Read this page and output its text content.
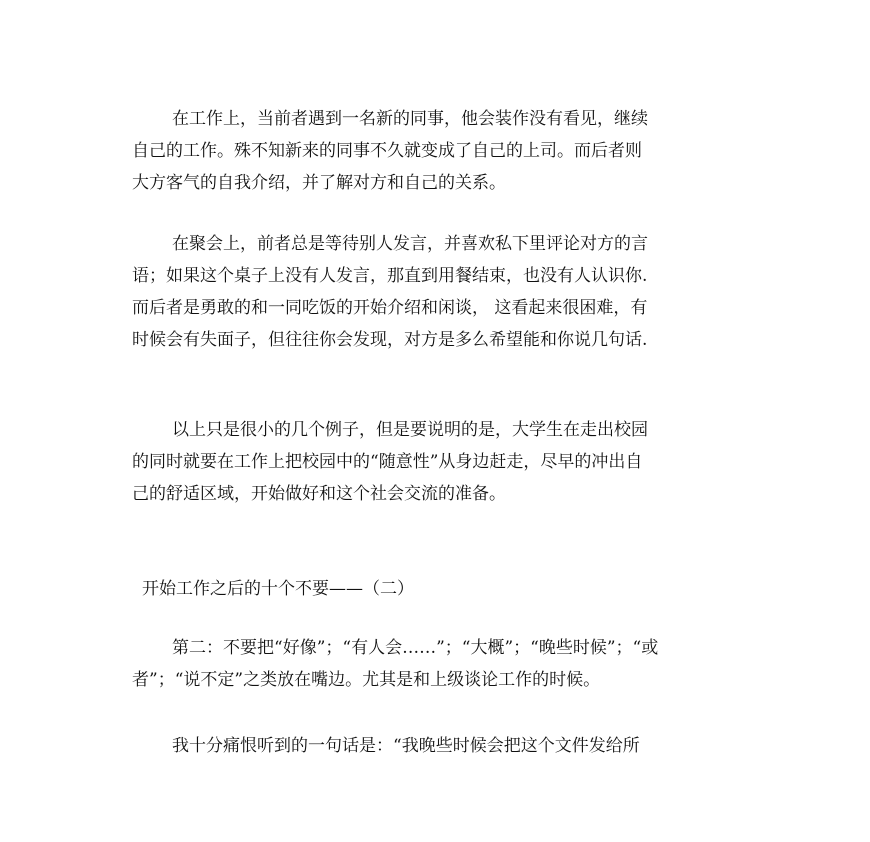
在工作上，当前者遇到一名新的同事，他会装作没有看见，继续
自己的工作。殊不知新来的同事不久就变成了自己的上司。而后者则
大方客气的自我介绍，并了解对方和自己的关系。

在聚会上，前者总是等待别人发言，并喜欢私下里评论对方的言
语；如果这个桌子上没有人发言，那直到用餐结束，也没有人认识你.
而后者是勇敢的和一同吃饭的开始介绍和闲谈， 这看起来很困难，有
时候会有失面子，但往往你会发现，对方是多么希望能和你说几句话.

以上只是很小的几个例子，但是要说明的是，大学生在走出校园
的同时就要在工作上把校园中的“随意性”从身边赶走，尽早的冲出自
己的舒适区域，开始做好和这个社会交流的准备。

开始工作之后的十个不要——（二）

第二：不要把“好像”；“有人会……”；“大概”；“晚些时候”；“或
者”；“说不定”之类放在嘴边。尤其是和上级谈论工作的时候。

我十分痛恨听到的一句话是：“我晚些时候会把这个文件发给所
